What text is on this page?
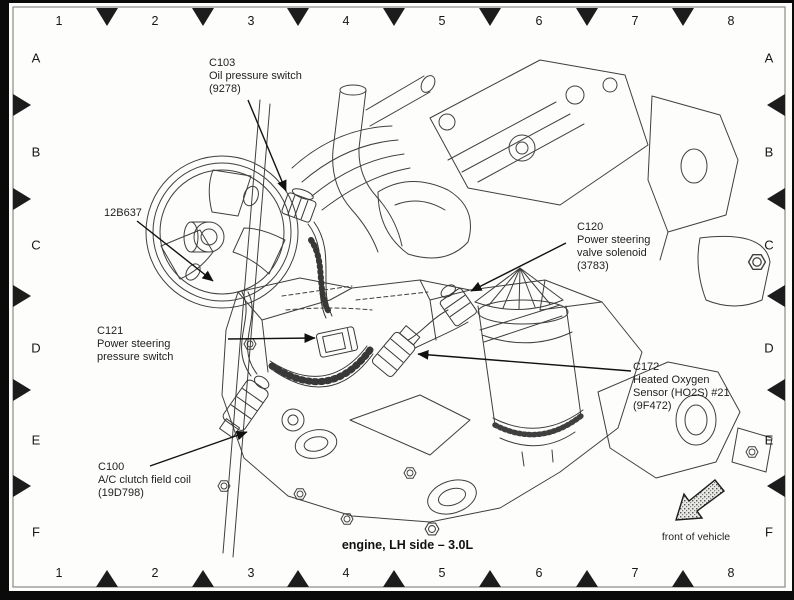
1	2	3	4	5	6	7	8
1	2	3	4	5	6	7	8
A
B
C
D
E
F
A
B
C
D
E
F
C103
Oil pressure switch
(9278)
12B637
C120
Power steering
valve solenoid
(3783)
C121
Power steering
pressure switch
C172
Heated Oxygen
Sensor (HO2S) #21
(9F472)
C100
A/C clutch field coil
(19D798)
engine, LH side – 3.0L
front of vehicle
